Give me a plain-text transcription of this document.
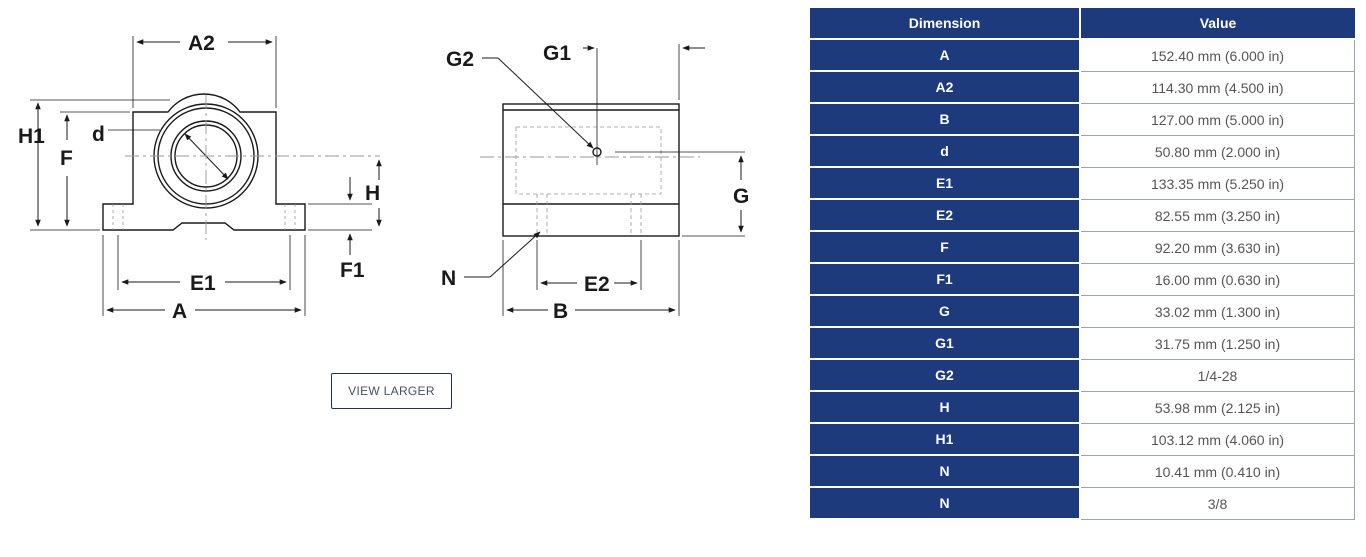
A2
H1
F
d
H
F1
E1
A
G2	G1
G
N	E2
B
VIEW LARGER
Dimension	Value
A	152.40 mm (6.000 in)
A2	114.30 mm (4.500 in)
B	127.00 mm (5.000 in)
d	50.80 mm (2.000 in)
E1	133.35 mm (5.250 in)
E2	82.55 mm (3.250 in)
F	92.20 mm (3.630 in)
F1	16.00 mm (0.630 in)
G	33.02 mm (1.300 in)
G1	31.75 mm (1.250 in)
G2	1/4-28
H	53.98 mm (2.125 in)
H1	103.12 mm (4.060 in)
N	10.41 mm (0.410 in)
N	3/8
